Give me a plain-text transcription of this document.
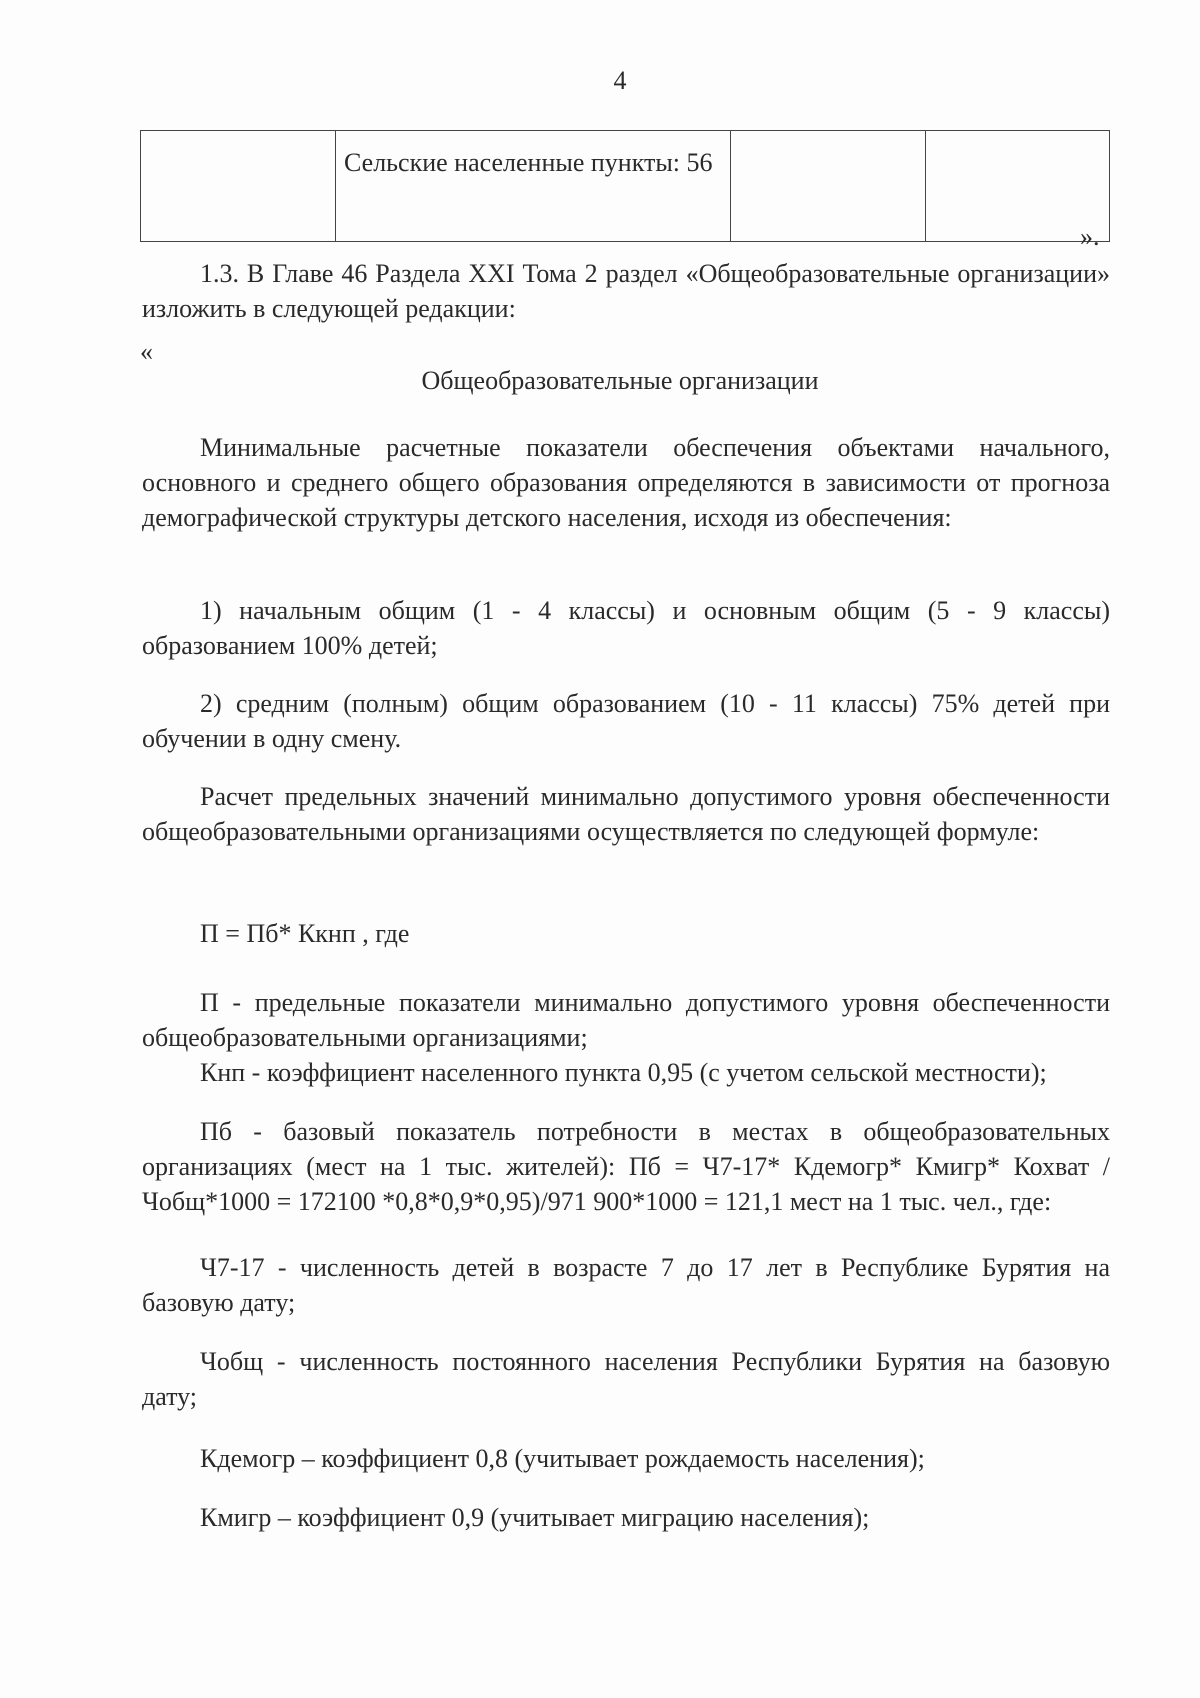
4
	Сельские населенные пункты: 56		
».

1.3. В Главе 46 Раздела XXI Тома 2 раздел «Общеобразовательные организации» изложить в следующей редакции:

«
Общеобразовательные организации

Минимальные расчетные показатели обеспечения объектами начального, основного и среднего общего образования определяются в зависимости от прогноза демографической структуры детского населения, исходя из обеспечения:

1) начальным общим (1 - 4 классы) и основным общим (5 - 9 классы) образованием 100% детей;

2) средним (полным) общим образованием (10 - 11 классы) 75% детей при обучении в одну смену.

Расчет предельных значений минимально допустимого уровня обеспеченности общеобразовательными организациями осуществляется по следующей формуле:

П = Пб* Ккнп , где

П - предельные показатели минимально допустимого уровня обеспеченности общеобразовательными организациями;

Кнп - коэффициент населенного пункта 0,95 (с учетом сельской местности);

Пб - базовый показатель потребности в местах в общеобразовательных организациях (мест на 1 тыс. жителей): Пб = Ч7-17* Кдемогр* Кмигр* Кохват / Чобщ*1000 = 172100 *0,8*0,9*0,95)/971 900*1000 = 121,1 мест на 1 тыс. чел., где:

Ч7-17 - численность детей в возрасте 7 до 17 лет в Республике Бурятия на базовую дату;

Чобщ - численность постоянного населения Республики Бурятия на базовую дату;

Кдемогр – коэффициент 0,8 (учитывает рождаемость населения);

Кмигр – коэффициент 0,9 (учитывает миграцию населения);
